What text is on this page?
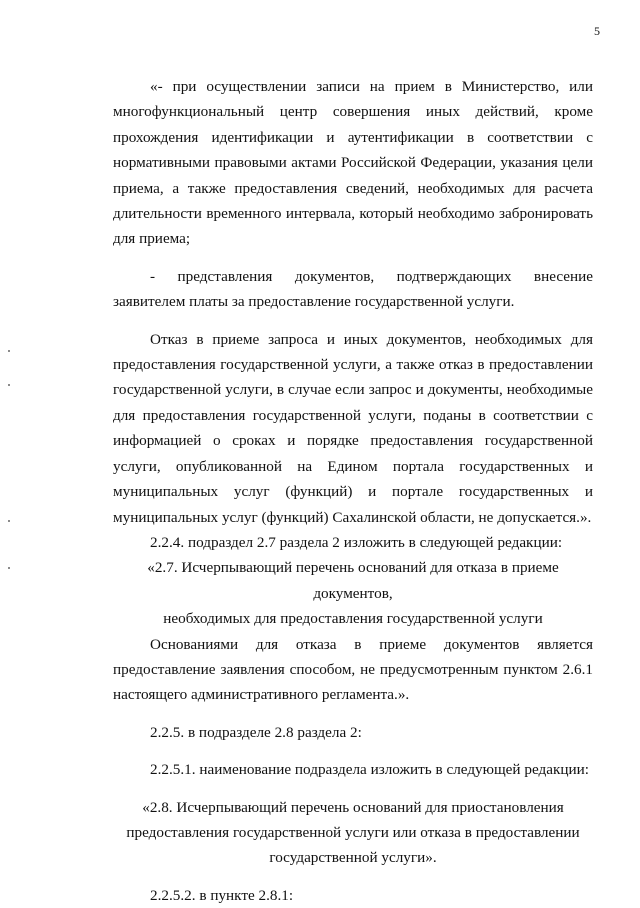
5

«- при осуществлении записи на прием в Министерство, или многофункциональный центр совершения иных действий, кроме прохождения идентификации и аутентификации в соответствии с нормативными правовыми актами Российской Федерации, указания цели приема, а также предоставления сведений, необходимых для расчета длительности временного интервала, который необходимо забронировать для приема;

- представления документов, подтверждающих внесение заявителем платы за предоставление государственной услуги.

Отказ в приеме запроса и иных документов, необходимых для предоставления государственной услуги, а также отказ в предоставлении государственной услуги, в случае если запрос и документы, необходимые для предоставления государственной услуги, поданы в соответствии с информацией о сроках и порядке предоставления государственной услуги, опубликованной на Едином портала государственных и муниципальных услуг (функций) и портале государственных и муниципальных услуг (функций) Сахалинской области, не допускается.».

2.2.4. подраздел 2.7 раздела 2 изложить в следующей редакции:

«2.7. Исчерпывающий перечень оснований для отказа в приеме документов,

необходимых для предоставления государственной услуги

Основаниями для отказа в приеме документов является предоставление заявления способом, не предусмотренным пунктом 2.6.1 настоящего административного регламента.».

2.2.5. в подразделе 2.8 раздела 2:

2.2.5.1. наименование подраздела изложить в следующей редакции:

«2.8. Исчерпывающий перечень оснований для приостановления

предоставления государственной услуги или отказа в предоставлении

государственной услуги».

2.2.5.2. в пункте 2.8.1:
